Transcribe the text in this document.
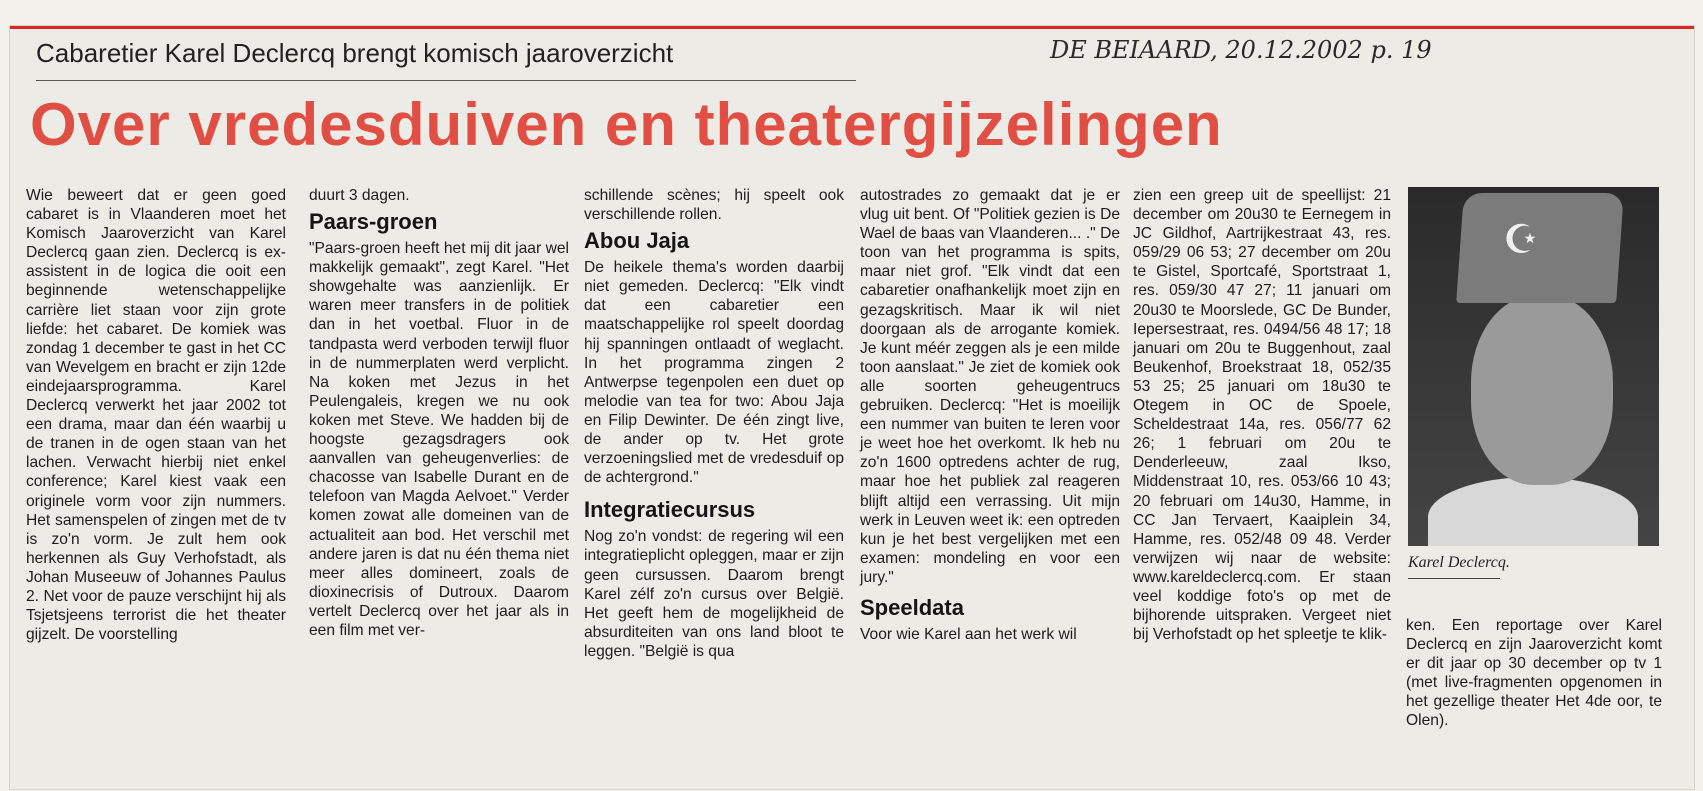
Cabaretier Karel Declercq brengt komisch jaaroverzicht	DE BEIAARD, 20.12.2002 p. 19
Over vredesduiven en theatergijzelingen

Wie beweert dat er geen goed cabaret is in Vlaanderen moet het Komisch Jaaroverzicht van Karel Declercq gaan zien. Declercq is ex-assistent in de logica die ooit een beginnende wetenschappelijke carrière liet staan voor zijn grote liefde: het cabaret. De komiek was zondag 1 december te gast in het CC van Wevelgem en bracht er zijn 12de eindejaarsprogramma. Karel Declercq verwerkt het jaar 2002 tot een drama, maar dan één waarbij u de tranen in de ogen staan van het lachen. Verwacht hierbij niet enkel conference; Karel kiest vaak een originele vorm voor zijn nummers. Het samenspelen of zingen met de tv is zo'n vorm. Je zult hem ook herkennen als Guy Verhofstadt, als Johan Museeuw of Johannes Paulus 2. Net voor de pauze verschijnt hij als Tsjetsjeens terrorist die het theater gijzelt. De voorstelling

duurt 3 dagen.

Paars-groen

"Paars-groen heeft het mij dit jaar wel makkelijk gemaakt", zegt Karel. "Het showgehalte was aanzienlijk. Er waren meer transfers in de politiek dan in het voetbal. Fluor in de tandpasta werd verboden terwijl fluor in de nummerplaten werd verplicht. Na koken met Jezus in het Peulengaleis, kregen we nu ook koken met Steve. We hadden bij de hoogste gezagsdragers ook aanvallen van geheugenverlies: de chacosse van Isabelle Durant en de telefoon van Magda Aelvoet." Verder komen zowat alle domeinen van de actualiteit aan bod. Het verschil met andere jaren is dat nu één thema niet meer alles domineert, zoals de dioxinecrisis of Dutroux. Daarom vertelt Declercq over het jaar als in een film met ver-

schillende scènes; hij speelt ook verschillende rollen.

Abou Jaja

De heikele thema's worden daarbij niet gemeden. Declercq: "Elk vindt dat een cabaretier een maatschappelijke rol speelt doordag hij spanningen ontlaadt of weglacht. In het programma zingen 2 Antwerpse tegenpolen een duet op melodie van tea for two: Abou Jaja en Filip Dewinter. De één zingt live, de ander op tv. Het grote verzoeningslied met de vredesduif op de achtergrond."

Integratiecursus

Nog zo'n vondst: de regering wil een integratieplicht opleggen, maar er zijn geen cursussen. Daarom brengt Karel zélf zo'n cursus over België. Het geeft hem de mogelijkheid de absurditeiten van ons land bloot te leggen. "België is qua

autostrades zo gemaakt dat je er vlug uit bent. Of "Politiek gezien is De Wael de baas van Vlaanderen... ." De toon van het programma is spits, maar niet grof. "Elk vindt dat een cabaretier onafhankelijk moet zijn en gezagskritisch. Maar ik wil niet doorgaan als de arrogante komiek. Je kunt méér zeggen als je een milde toon aanslaat." Je ziet de komiek ook alle soorten geheugentrucs gebruiken. Declercq: "Het is moeilijk een nummer van buiten te leren voor je weet hoe het overkomt. Ik heb nu zo'n 1600 optredens achter de rug, maar hoe het publiek zal reageren blijft altijd een verrassing. Uit mijn werk in Leuven weet ik: een optreden kun je het best vergelijken met een examen: mondeling en voor een jury."

Speeldata

Voor wie Karel aan het werk wil

zien een greep uit de speellijst: 21 december om 20u30 te Eernegem in JC Gildhof, Aartrijkestraat 43, res. 059/29 06 53; 27 december om 20u te Gistel, Sportcafé, Sportstraat 1, res. 059/30 47 27; 11 januari om 20u30 te Moorslede, GC De Bunder, Iepersestraat, res. 0494/56 48 17; 18 januari om 20u te Buggenhout, zaal Beukenhof, Broekstraat 18, 052/35 53 25; 25 januari om 18u30 te Otegem in OC de Spoele, Scheldestraat 14a, res. 056/77 62 26; 1 februari om 20u te Denderleeuw, zaal Ikso, Middenstraat 10, res. 053/66 10 43; 20 februari om 14u30, Hamme, in CC Jan Tervaert, Kaaiplein 34, Hamme, res. 052/48 09 48. Verder verwijzen wij naar de website: www.kareldeclercq.com. Er staan veel koddige foto's op met de bijhorende uitspraken. Vergeet niet bij Verhofstadt op het spleetje te klik-

☪
Karel Declercq.

ken. Een reportage over Karel Declercq en zijn Jaaroverzicht komt er dit jaar op 30 december op tv 1 (met live-fragmenten opgenomen in het gezellige theater Het 4de oor, te Olen).
